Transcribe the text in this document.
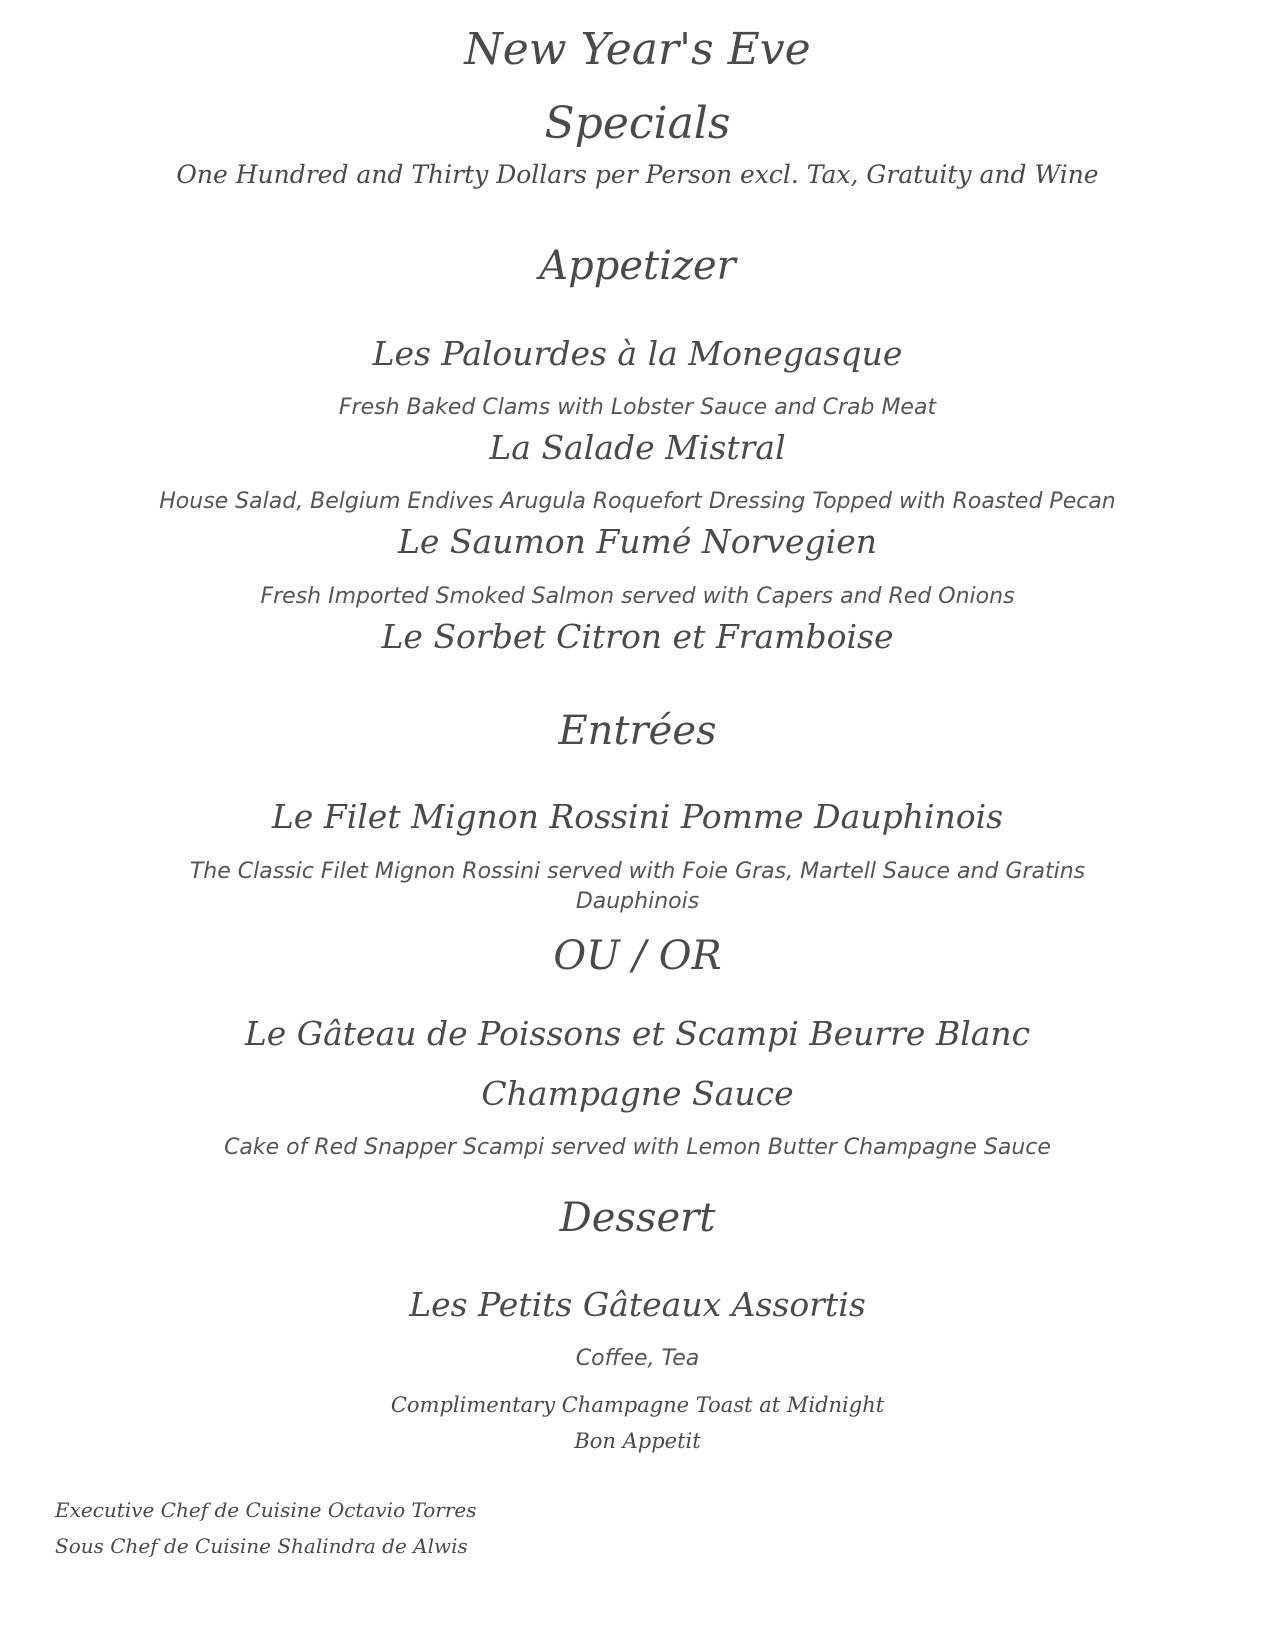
New Year's Eve
Specials
One Hundred and Thirty Dollars per Person excl. Tax, Gratuity and Wine
Appetizer
Les Palourdes à la Monegasque
Fresh Baked Clams with Lobster Sauce and Crab Meat
La Salade Mistral
House Salad, Belgium Endives Arugula Roquefort Dressing Topped with Roasted Pecan
Le Saumon Fumé Norvegien
Fresh Imported Smoked Salmon served with Capers and Red Onions
Le Sorbet Citron et Framboise
Entrées
Le Filet Mignon Rossini Pomme Dauphinois
The Classic Filet Mignon Rossini served with Foie Gras, Martell Sauce and Gratins
Dauphinois
OU / OR
Le Gâteau de Poissons et Scampi Beurre Blanc
Champagne Sauce
Cake of Red Snapper Scampi served with Lemon Butter Champagne Sauce
Dessert
Les Petits Gâteaux Assortis
Coffee, Tea
Complimentary Champagne Toast at Midnight
Bon Appetit
Executive Chef de Cuisine Octavio Torres
Sous Chef de Cuisine Shalindra de Alwis
